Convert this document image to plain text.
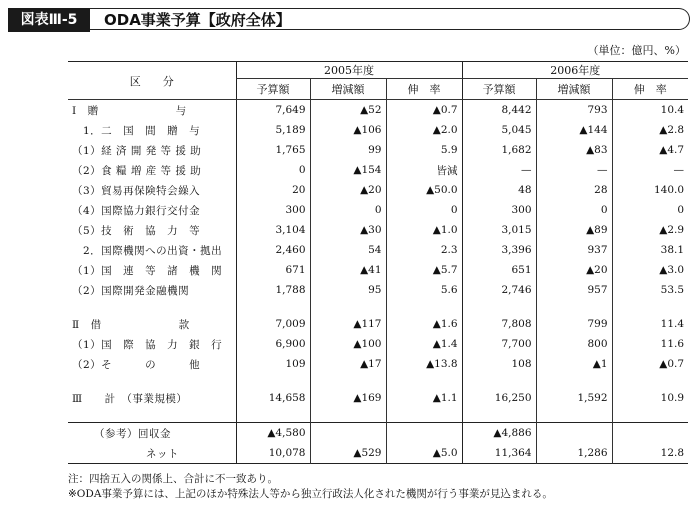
図表Ⅲ-5	ODA事業予算【政府全体】
（単位：億円、%）
区　　分	2005年度			2006年度		
	予算額	増減額	伸　率	予算額	増減額	伸　率
Ⅰ　贈　　　　　　　与	7,649	▲52	▲0.7	8,442	793	10.4
　1．二　国　間　贈　与	5,189	▲106	▲2.0	5,045	▲144	▲2.8
（1）経 済 開 発 等 援 助	1,765	99	5.9	1,682	▲83	▲4.7
（2）食 糧 増 産 等 援 助	0	▲154	皆減	—	—	—
（3）貿易再保険特会繰入	20	▲20	▲50.0	48	28	140.0
（4）国際協力銀行交付金	300	0	0	300	0	0
（5）技　術　協　力　等	3,104	▲30	▲1.0	3,015	▲89	▲2.9
　2．国際機関への出資・拠出	2,460	54	2.3	3,396	937	38.1
（1）国　連　等　諸　機　関	671	▲41	▲5.7	651	▲20	▲3.0
（2）国際開発金融機関	1,788	95	5.6	2,746	957	53.5

Ⅱ　借　　　　　　　款	7,009	▲117	▲1.6	7,808	799	11.4
（1）国　際　協　力　銀　行	6,900	▲100	▲1.4	7,700	800	11.6
（2）そ　　　の　　　他	109	▲17	▲13.8	108	▲1	▲0.7

Ⅲ　　計　（事業規模）	14,658	▲169	▲1.1	16,250	1,592	10.9

（参考）回収金	▲4,580			▲4,886		
ネット	10,078	▲529	▲5.0	11,364	1,286	12.8
注：四捨五入の関係上、合計に不一致あり。
※ODA事業予算には、上記のほか特殊法人等から独立行政法人化された機関が行う事業が見込まれる。
